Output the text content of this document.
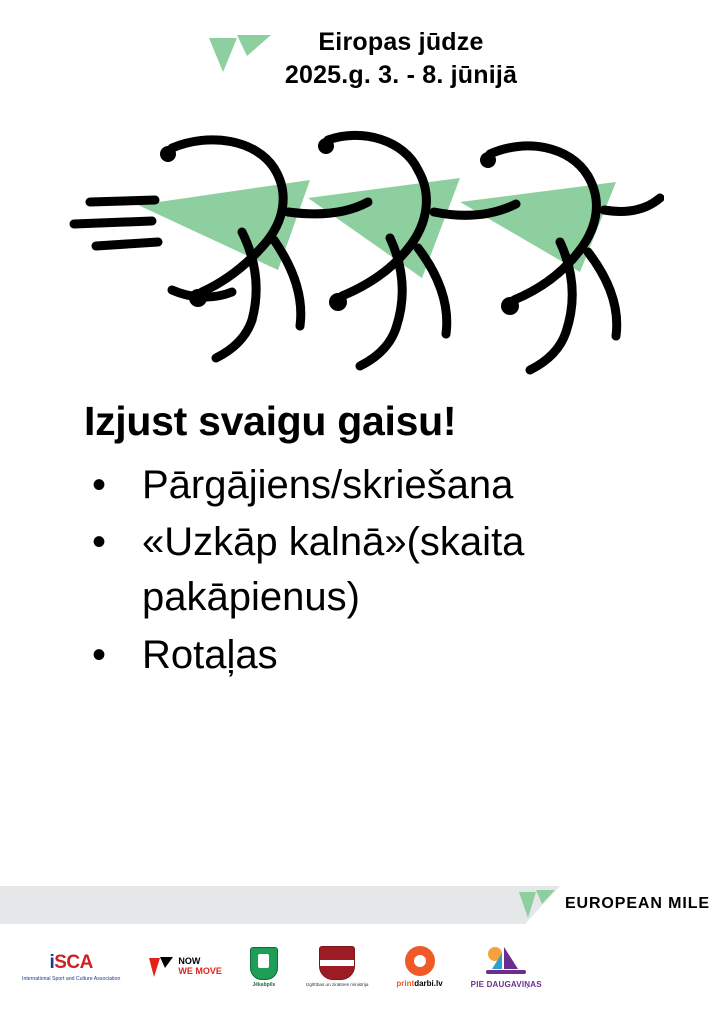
Eiropas jūdze
2025.g. 3. - 8. jūnijā
Izjust svaigu gaisu!
• Pārgājiens/skriešana
• «Uzkāp kalnā»(skaita pakāpienus)
• Rotaļas
EUROPEAN MILE
iSCA
International Sport and Culture Association
NOW
WE MOVE
Jēkabpils	Izglītības un zinātnes ministrija	printdarbi.lv	PIE DAUGAVIŅAS
